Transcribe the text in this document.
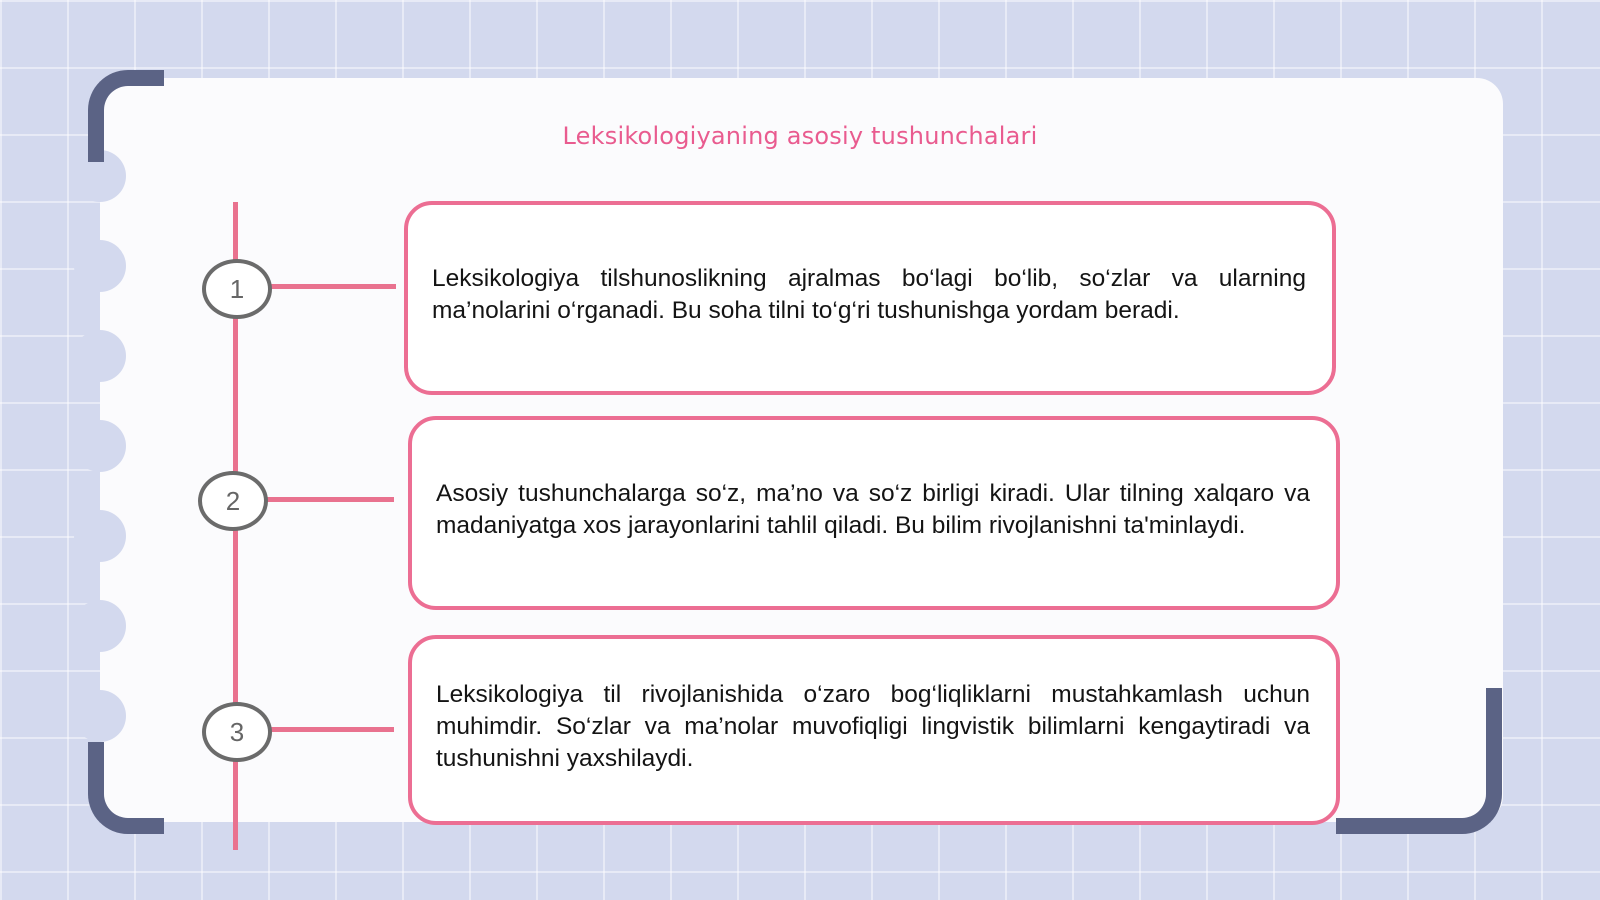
Leksikologiyaning asosiy tushunchalari
1
2
3

Leksikologiya tilshunoslikning ajralmas bo‘lagi bo‘lib, so‘zlar va ularning ma’nolarini o‘rganadi. Bu soha tilni to‘g‘ri tushunishga yordam beradi.

Asosiy tushunchalarga so‘z, ma’no va so‘z birligi kiradi. Ular tilning xalqaro va madaniyatga xos jarayonlarini tahlil qiladi. Bu bilim rivojlanishni ta'minlaydi.

Leksikologiya til rivojlanishida o‘zaro bog‘liqliklarni mustahkamlash uchun muhimdir. So‘zlar va ma’nolar muvofiqligi lingvistik bilimlarni kengaytiradi va tushunishni yaxshilaydi.
